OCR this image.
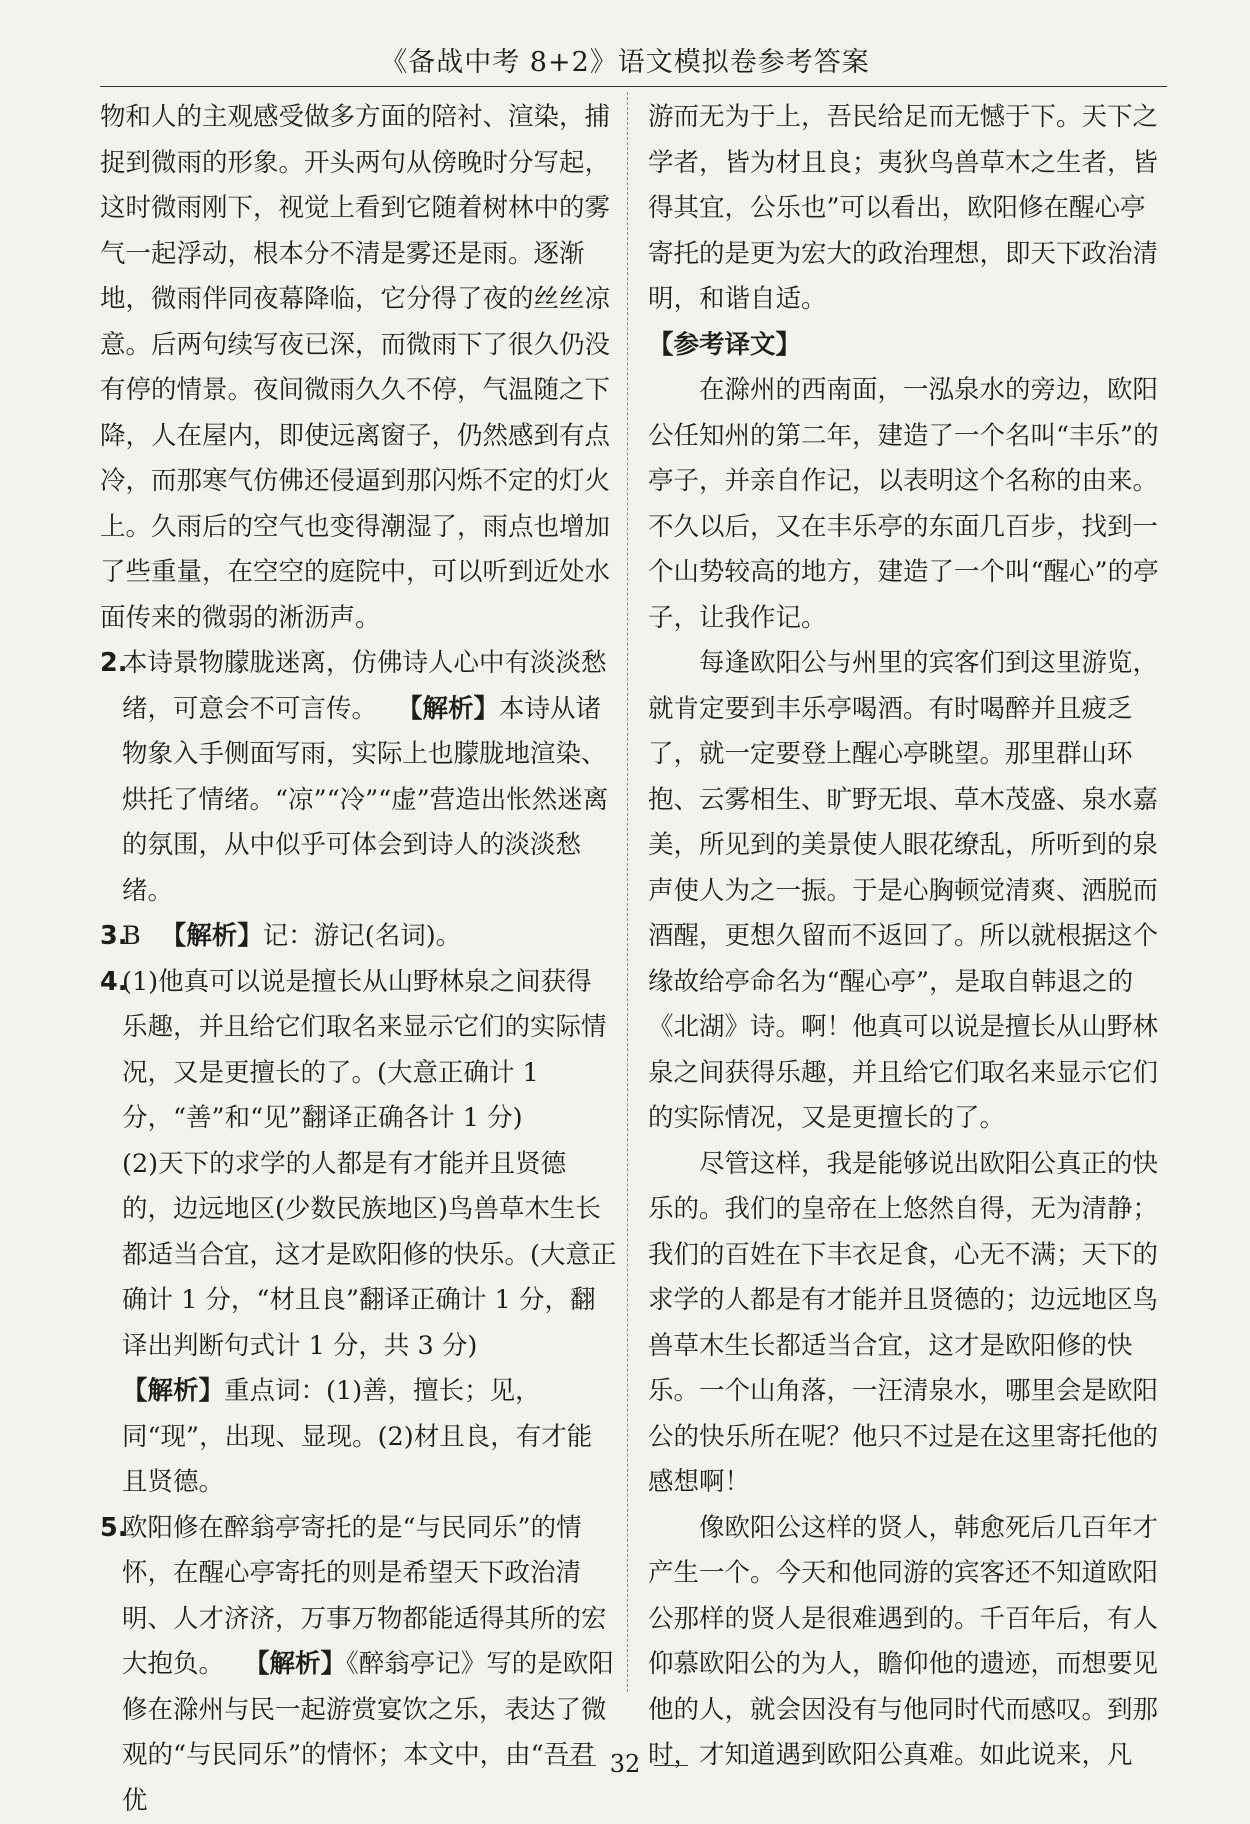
《备战中考 8+2》语文模拟卷参考答案

物和人的主观感受做多方面的陪衬、渲染，捕捉到微雨的形象。开头两句从傍晚时分写起，这时微雨刚下，视觉上看到它随着树林中的雾气一起浮动，根本分不清是雾还是雨。逐渐地，微雨伴同夜幕降临，它分得了夜的丝丝凉意。后两句续写夜已深，而微雨下了很久仍没有停的情景。夜间微雨久久不停，气温随之下降，人在屋内，即使远离窗子，仍然感到有点冷，而那寒气仿佛还侵逼到那闪烁不定的灯火上。久雨后的空气也变得潮湿了，雨点也增加了些重量，在空空的庭院中，可以听到近处水面传来的微弱的淅沥声。

2.
本诗景物朦胧迷离，仿佛诗人心中有淡淡愁绪，可意会不可言传。 【解析】本诗从诸物象入手侧面写雨，实际上也朦胧地渲染、烘托了情绪。“凉”“冷”“虚”营造出怅然迷离的氛围，从中似乎可体会到诗人的淡淡愁绪。
3.
B 【解析】记：游记(名词)。
4.

(1)他真可以说是擅长从山野林泉之间获得乐趣，并且给它们取名来显示它们的实际情况，又是更擅长的了。(大意正确计 1 分，“善”和“见”翻译正确各计 1 分)

(2)天下的求学的人都是有才能并且贤德的，边远地区(少数民族地区)鸟兽草木生长都适当合宜，这才是欧阳修的快乐。(大意正确计 1 分，“材且良”翻译正确计 1 分，翻译出判断句式计 1 分，共 3 分)

【解析】重点词：(1)善，擅长；见，同“现”，出现、显现。(2)材且良，有才能且贤德。

5.
欧阳修在醉翁亭寄托的是“与民同乐”的情怀，在醒心亭寄托的则是希望天下政治清明、人才济济，万事万物都能适得其所的宏大抱负。 【解析】《醉翁亭记》写的是欧阳修在滁州与民一起游赏宴饮之乐，表达了微观的“与民同乐”的情怀；本文中，由“吾君优

游而无为于上，吾民给足而无憾于下。天下之学者，皆为材且良；夷狄鸟兽草木之生者，皆得其宜，公乐也”可以看出，欧阳修在醒心亭寄托的是更为宏大的政治理想，即天下政治清明，和谐自适。

【参考译文】

在滁州的西南面，一泓泉水的旁边，欧阳公任知州的第二年，建造了一个名叫“丰乐”的亭子，并亲自作记，以表明这个名称的由来。不久以后，又在丰乐亭的东面几百步，找到一个山势较高的地方，建造了一个叫“醒心”的亭子，让我作记。

每逢欧阳公与州里的宾客们到这里游览，就肯定要到丰乐亭喝酒。有时喝醉并且疲乏了，就一定要登上醒心亭眺望。那里群山环抱、云雾相生、旷野无垠、草木茂盛、泉水嘉美，所见到的美景使人眼花缭乱，所听到的泉声使人为之一振。于是心胸顿觉清爽、洒脱而酒醒，更想久留而不返回了。所以就根据这个缘故给亭命名为“醒心亭”，是取自韩退之的《北湖》诗。啊！他真可以说是擅长从山野林泉之间获得乐趣，并且给它们取名来显示它们的实际情况，又是更擅长的了。

尽管这样，我是能够说出欧阳公真正的快乐的。我们的皇帝在上悠然自得，无为清静；我们的百姓在下丰衣足食，心无不满；天下的求学的人都是有才能并且贤德的；边远地区鸟兽草木生长都适当合宜，这才是欧阳修的快乐。一个山角落，一汪清泉水，哪里会是欧阳公的快乐所在呢？他只不过是在这里寄托他的感想啊！

像欧阳公这样的贤人，韩愈死后几百年才产生一个。今天和他同游的宾客还不知道欧阳公那样的贤人是很难遇到的。千百年后，有人仰慕欧阳公的为人，瞻仰他的遗迹，而想要见他的人，就会因没有与他同时代而感叹。到那时，才知道遇到欧阳公真难。如此说来，凡

32
